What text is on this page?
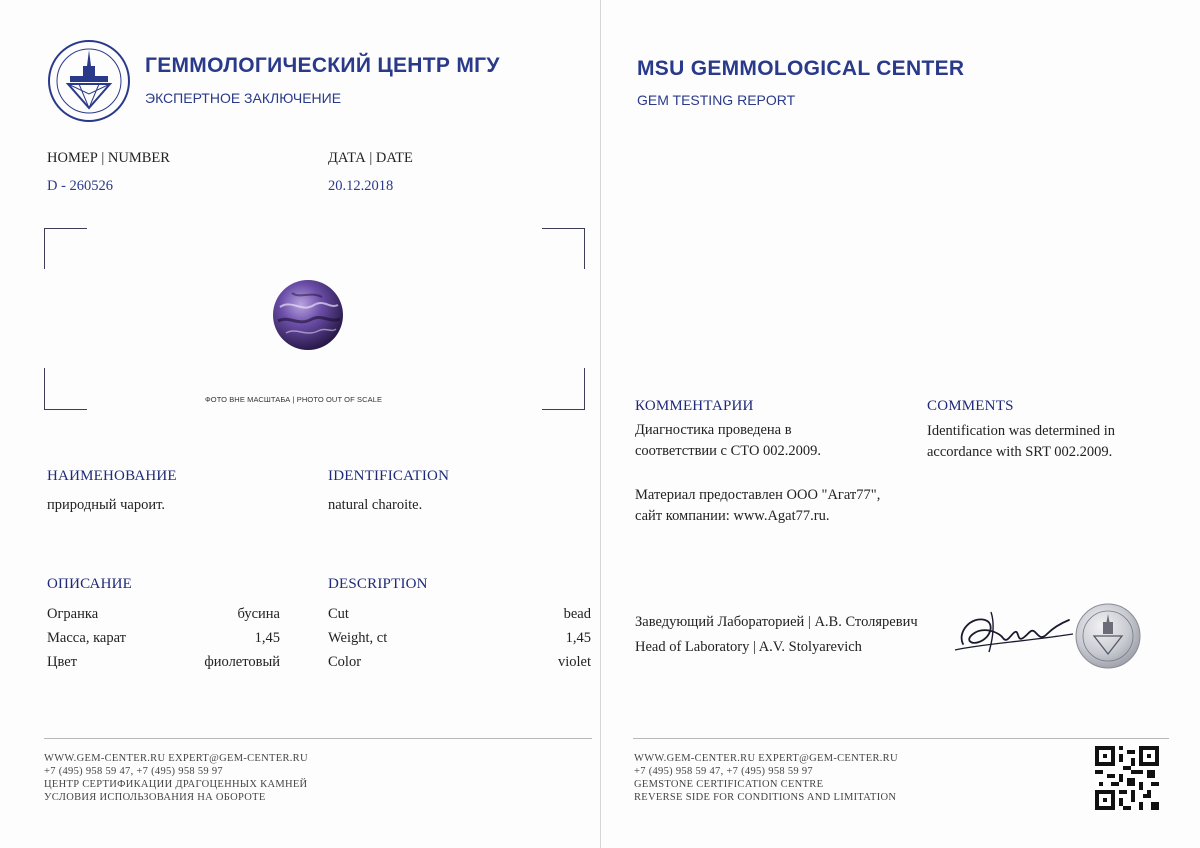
ГЕММОЛОГИЧЕСКИЙ ЦЕНТР МГУ
ЭКСПЕРТНОЕ ЗАКЛЮЧЕНИЕ
НОМЕР | NUMBER
D - 260526
ДАТА | DATE
20.12.2018
ФОТО ВНЕ МАСШТАБА | PHOTO OUT OF SCALE
НАИМЕНОВАНИЕ
природный чароит.
IDENTIFICATION
natural charoite.
ОПИСАНИЕ	DESCRIPTION
Огранка	бусина
Масса, карат	1,45
Цвет	фиолетовый
Cut	bead
Weight, ct	1,45
Color	violet
WWW.GEM-CENTER.RU EXPERT@GEM-CENTER.RU
+7 (495) 958 59 47, +7 (495) 958 59 97
ЦЕНТР СЕРТИФИКАЦИИ ДРАГОЦЕННЫХ КАМНЕЙ
УСЛОВИЯ ИСПОЛЬЗОВАНИЯ НА ОБОРОТЕ
MSU GEMMOLOGICAL CENTER
GEM TESTING REPORT
КОММЕНТАРИИ
Диагностика проведена в
соответствии с СТО 002.2009.
Материал предоставлен ООО "Агат77",
сайт компании: www.Agat77.ru.
COMMENTS
Identification was determined in
accordance with SRT 002.2009.
Заведующий Лабораторией | А.В. Столяревич
Head of Laboratory | A.V. Stolyarevich
WWW.GEM-CENTER.RU EXPERT@GEM-CENTER.RU
+7 (495) 958 59 47, +7 (495) 958 59 97
GEMSTONE CERTIFICATION CENTRE
REVERSE SIDE FOR CONDITIONS AND LIMITATION
